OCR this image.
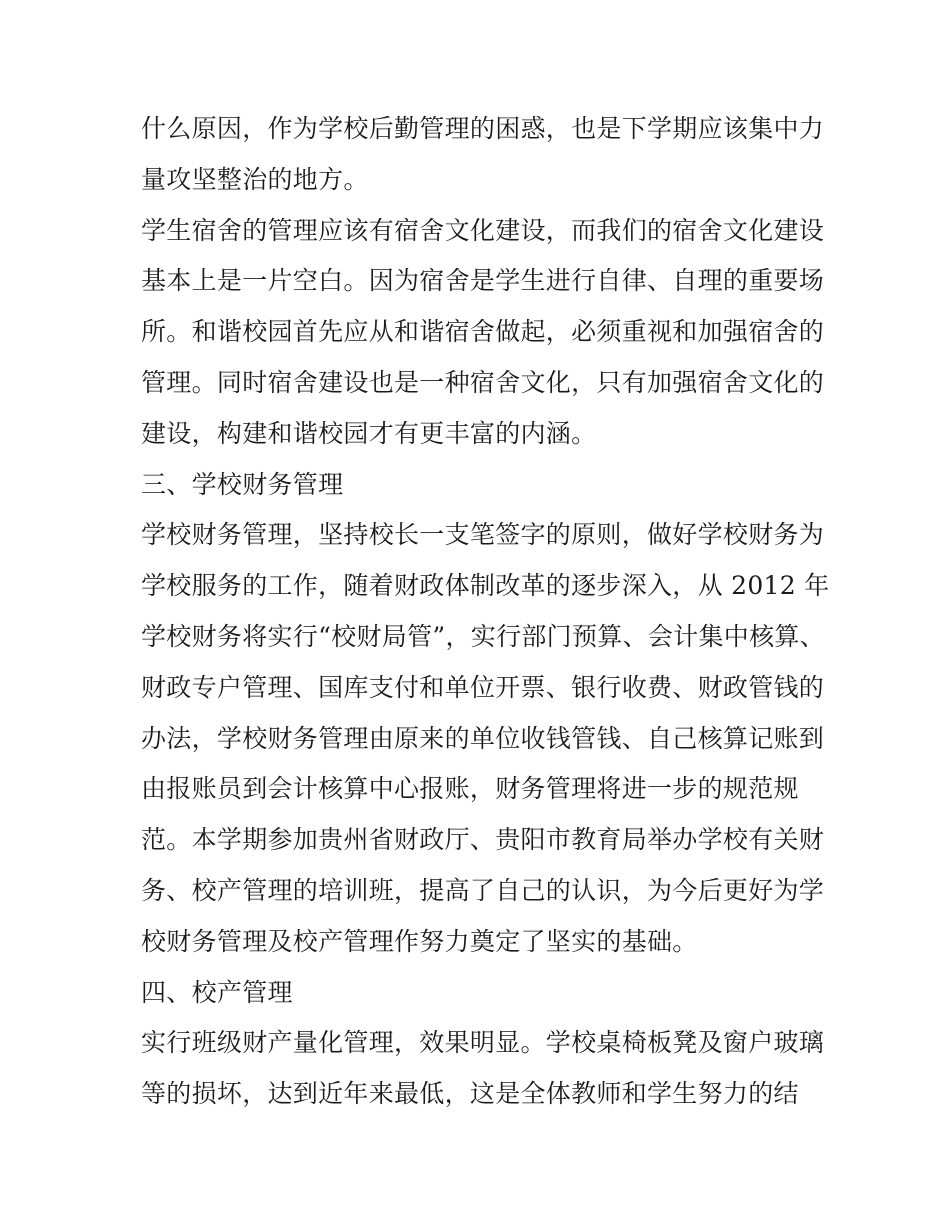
什么原因，作为学校后勤管理的困惑，也是下学期应该集中力
量攻坚整治的地方。
学生宿舍的管理应该有宿舍文化建设，而我们的宿舍文化建设
基本上是一片空白。因为宿舍是学生进行自律、自理的重要场
所。和谐校园首先应从和谐宿舍做起，必须重视和加强宿舍的
管理。同时宿舍建设也是一种宿舍文化，只有加强宿舍文化的
建设，构建和谐校园才有更丰富的内涵。
三、学校财务管理
学校财务管理，坚持校长一支笔签字的原则，做好学校财务为
学校服务的工作，随着财政体制改革的逐步深入，从 2012 年
学校财务将实行“校财局管”，实行部门预算、会计集中核算、
财政专户管理、国库支付和单位开票、银行收费、财政管钱的
办法，学校财务管理由原来的单位收钱管钱、自己核算记账到
由报账员到会计核算中心报账，财务管理将进一步的规范规
范。本学期参加贵州省财政厅、贵阳市教育局举办学校有关财
务、校产管理的培训班，提高了自己的认识，为今后更好为学
校财务管理及校产管理作努力奠定了坚实的基础。
四、校产管理
实行班级财产量化管理，效果明显。学校桌椅板凳及窗户玻璃
等的损坏，达到近年来最低，这是全体教师和学生努力的结
